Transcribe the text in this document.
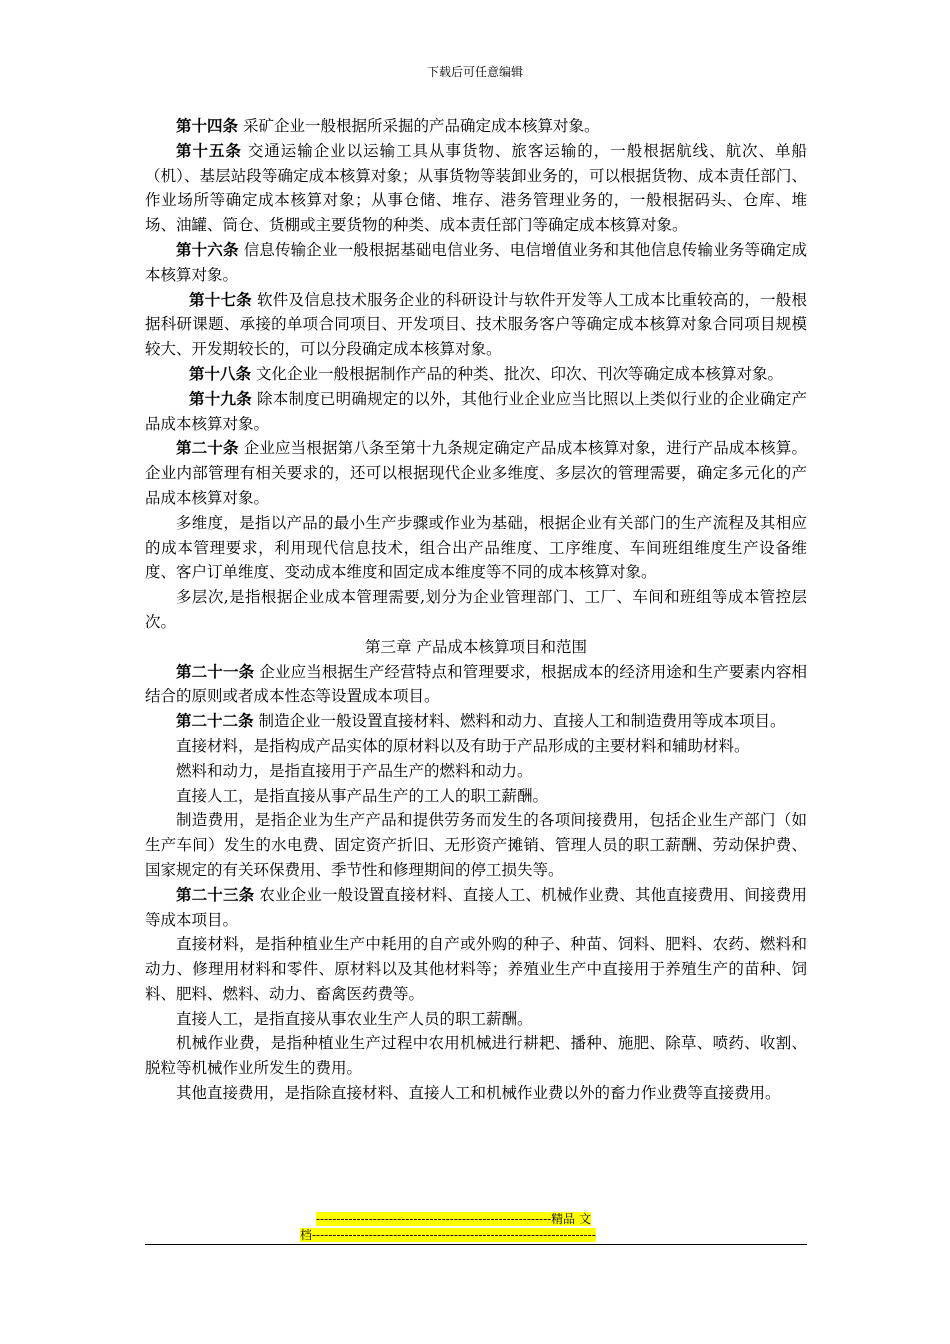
下载后可任意编辑

第十四条 采矿企业一般根据所采掘的产品确定成本核算对象。

第十五条 交通运输企业以运输工具从事货物、旅客运输的，一般根据航线、航次、单船（机）、基层站段等确定成本核算对象；从事货物等装卸业务的，可以根据货物、成本责任部门、作业场所等确定成本核算对象；从事仓储、堆存、港务管理业务的，一般根据码头、仓库、堆场、油罐、筒仓、货棚或主要货物的种类、成本责任部门等确定成本核算对象。

第十六条 信息传输企业一般根据基础电信业务、电信增值业务和其他信息传输业务等确定成本核算对象。

第十七条 软件及信息技术服务企业的科研设计与软件开发等人工成本比重较高的，一般根据科研课题、承接的单项合同项目、开发项目、技术服务客户等确定成本核算对象合同项目规模较大、开发期较长的，可以分段确定成本核算对象。

第十八条 文化企业一般根据制作产品的种类、批次、印次、刊次等确定成本核算对象。

第十九条 除本制度已明确规定的以外，其他行业企业应当比照以上类似行业的企业确定产品成本核算对象。

第二十条 企业应当根据第八条至第十九条规定确定产品成本核算对象，进行产品成本核算。企业内部管理有相关要求的，还可以根据现代企业多维度、多层次的管理需要，确定多元化的产品成本核算对象。

多维度，是指以产品的最小生产步骤或作业为基础，根据企业有关部门的生产流程及其相应的成本管理要求，利用现代信息技术，组合出产品维度、工序维度、车间班组维度生产设备维度、客户订单维度、变动成本维度和固定成本维度等不同的成本核算对象。

多层次,是指根据企业成本管理需要,划分为企业管理部门、工厂、车间和班组等成本管控层次。

第三章 产品成本核算项目和范围

第二十一条 企业应当根据生产经营特点和管理要求，根据成本的经济用途和生产要素内容相结合的原则或者成本性态等设置成本项目。

第二十二条 制造企业一般设置直接材料、燃料和动力、直接人工和制造费用等成本项目。

直接材料，是指构成产品实体的原材料以及有助于产品形成的主要材料和辅助材料。

燃料和动力，是指直接用于产品生产的燃料和动力。

直接人工，是指直接从事产品生产的工人的职工薪酬。

制造费用，是指企业为生产产品和提供劳务而发生的各项间接费用，包括企业生产部门（如生产车间）发生的水电费、固定资产折旧、无形资产摊销、管理人员的职工薪酬、劳动保护费、国家规定的有关环保费用、季节性和修理期间的停工损失等。

第二十三条 农业企业一般设置直接材料、直接人工、机械作业费、其他直接费用、间接费用等成本项目。

直接材料，是指种植业生产中耗用的自产或外购的种子、种苗、饲料、肥料、农药、燃料和动力、修理用材料和零件、原材料以及其他材料等；养殖业生产中直接用于养殖生产的苗种、饲料、肥料、燃料、动力、畜禽医药费等。

直接人工，是指直接从事农业生产人员的职工薪酬。

机械作业费，是指种植业生产过程中农用机械进行耕耙、播种、施肥、除草、喷药、收割、脱粒等机械作业所发生的费用。

其他直接费用，是指除直接材料、直接人工和机械作业费以外的畜力作业费等直接费用。

----------------------------------------------------------精品 文
档----------------------------------------------------------------------
